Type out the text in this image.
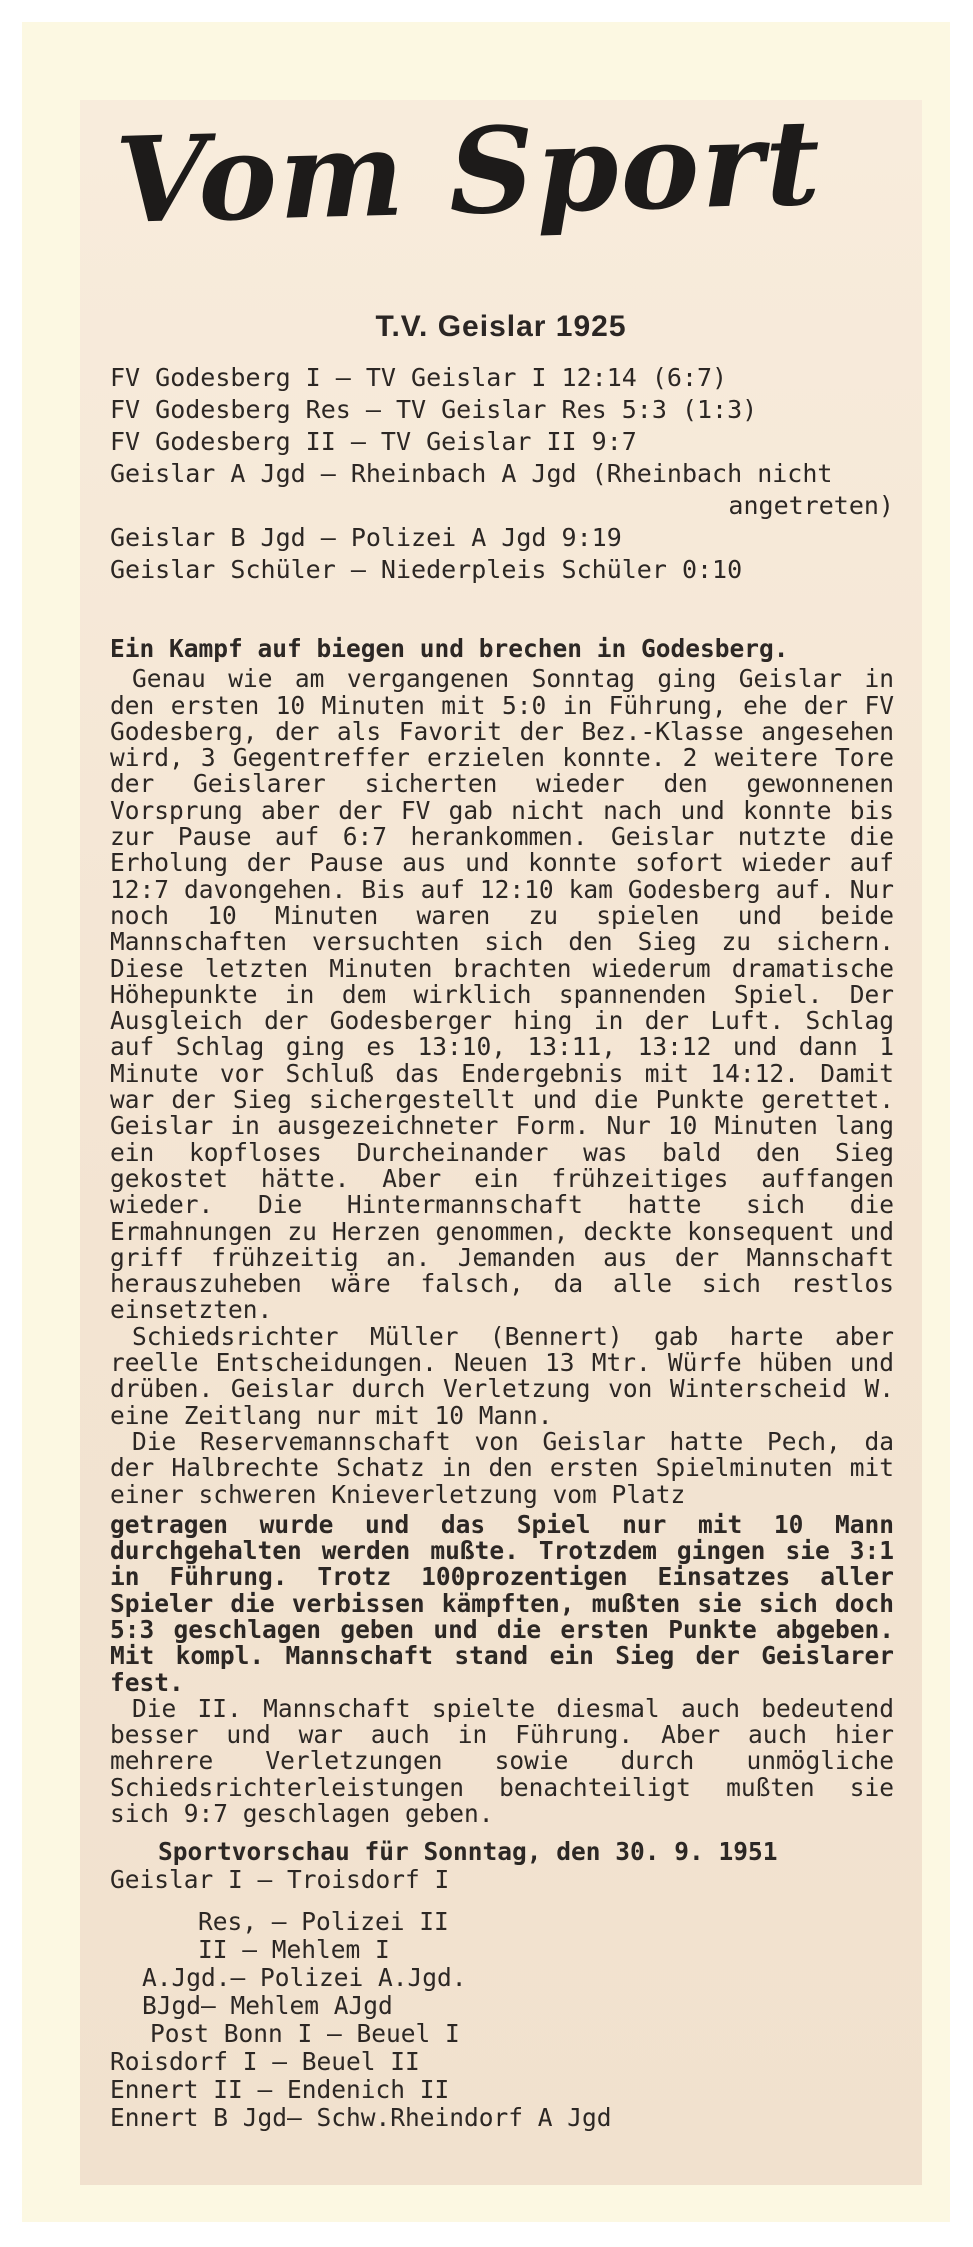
Vom Sport
T.V. Geislar 1925
FV Godesberg I — TV Geislar I 12:14 (6:7)
FV Godesberg Res — TV Geislar Res 5:3 (1:3)
FV Godesberg II — TV Geislar II 9:7
Geislar A Jgd — Rheinbach A Jgd (Rheinbach nicht
angetreten)
Geislar B Jgd — Polizei A Jgd 9:19
Geislar Schüler — Niederpleis Schüler 0:10
Ein Kampf auf biegen und brechen in Godesberg.

Genau wie am vergangenen Sonntag ging Geislar in den ersten 10 Minuten mit 5:0 in Führung, ehe der FV Godesberg, der als Favorit der Bez.-Klasse angesehen wird, 3 Gegentreffer erzielen konnte. 2 weitere Tore der Geislarer sicherten wieder den gewonnenen Vorsprung aber der FV gab nicht nach und konnte bis zur Pause auf 6:7 herankommen. Geislar nutzte die Erholung der Pause aus und konnte sofort wieder auf 12:7 davongehen. Bis auf 12:10 kam Godesberg auf. Nur noch 10 Minuten waren zu spielen und beide Mannschaften versuchten sich den Sieg zu sichern. Diese letzten Minuten brachten wiederum dramatische Höhepunkte in dem wirklich spannenden Spiel. Der Ausgleich der Godesberger hing in der Luft. Schlag auf Schlag ging es 13:10, 13:11, 13:12 und dann 1 Minute vor Schluß das Endergebnis mit 14:12. Damit war der Sieg sichergestellt und die Punkte gerettet. Geislar in ausgezeichneter Form. Nur 10 Minuten lang ein kopfloses Durcheinander was bald den Sieg gekostet hätte. Aber ein frühzeitiges auffangen wieder. Die Hintermannschaft hatte sich die Ermahnungen zu Herzen genommen, deckte konsequent und griff frühzeitig an. Jemanden aus der Mannschaft herauszuheben wäre falsch, da alle sich restlos einsetzten.

Schiedsrichter Müller (Bennert) gab harte aber reelle Entscheidungen. Neuen 13 Mtr. Würfe hüben und drüben. Geislar durch Verletzung von Winterscheid W. eine Zeitlang nur mit 10 Mann.

Die Reservemannschaft von Geislar hatte Pech, da der Halbrechte Schatz in den ersten Spielminuten mit einer schweren Knieverletzung vom Platz

getragen wurde und das Spiel nur mit 10 Mann durchgehalten werden mußte. Trotzdem gingen sie 3:1 in Führung. Trotz 100prozentigen Einsatzes aller Spieler die verbissen kämpften, mußten sie sich doch 5:3 geschlagen geben und die ersten Punkte abgeben. Mit kompl. Mannschaft stand ein Sieg der Geislarer fest.

Die II. Mannschaft spielte diesmal auch bedeutend besser und war auch in Führung. Aber auch hier mehrere Verletzungen sowie durch unmögliche Schiedsrichterleistungen benachteiligt mußten sie sich 9:7 geschlagen geben.

Sportvorschau für Sonntag, den 30. 9. 1951
Geislar I — Troisdorf I
Res, — Polizei II
II — Mehlem I
A.Jgd.— Polizei A.Jgd.
BJgd— Mehlem AJgd
Post Bonn I — Beuel I
Roisdorf I — Beuel II
Ennert II — Endenich II
Ennert B Jgd— Schw.Rheindorf A Jgd
